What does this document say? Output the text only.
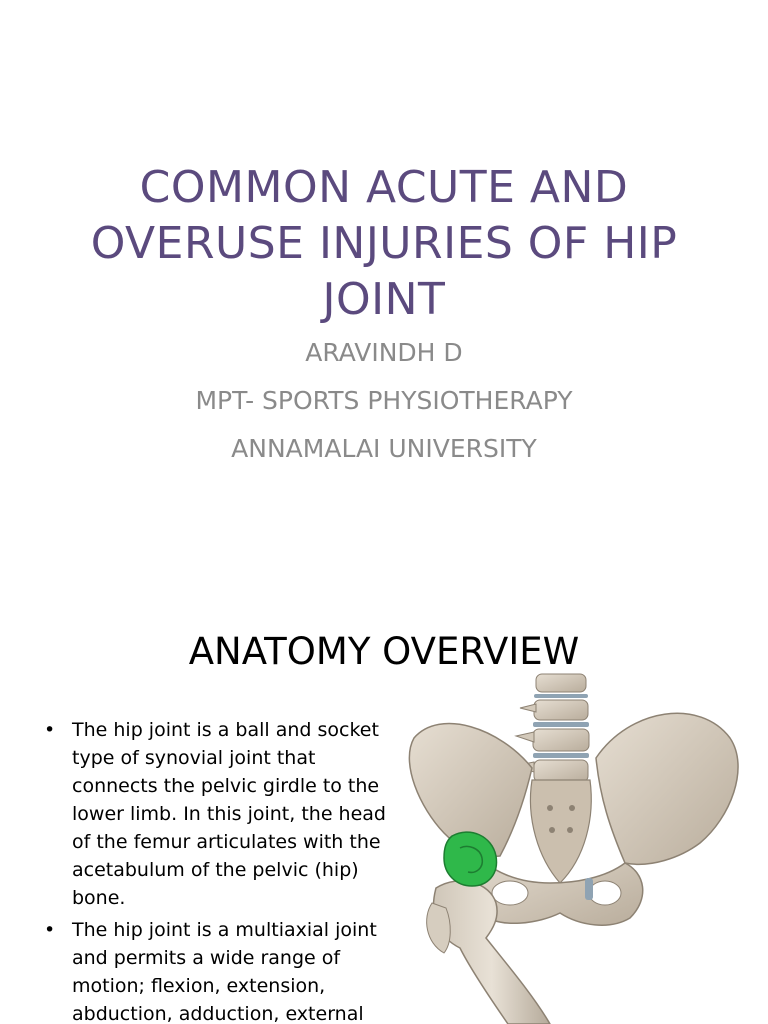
COMMON ACUTE AND
OVERUSE INJURIES OF HIP
JOINT
ARAVINDH D
MPT- SPORTS PHYSIOTHERAPY
ANNAMALAI UNIVERSITY
ANATOMY OVERVIEW
• The hip joint is a ball and socket type of synovial joint that connects the pelvic girdle to the lower limb. In this joint, the head of the femur articulates with the acetabulum of the pelvic (hip) bone.
• The hip joint is a multiaxial joint and permits a wide range of motion; flexion, extension, abduction, adduction, external
